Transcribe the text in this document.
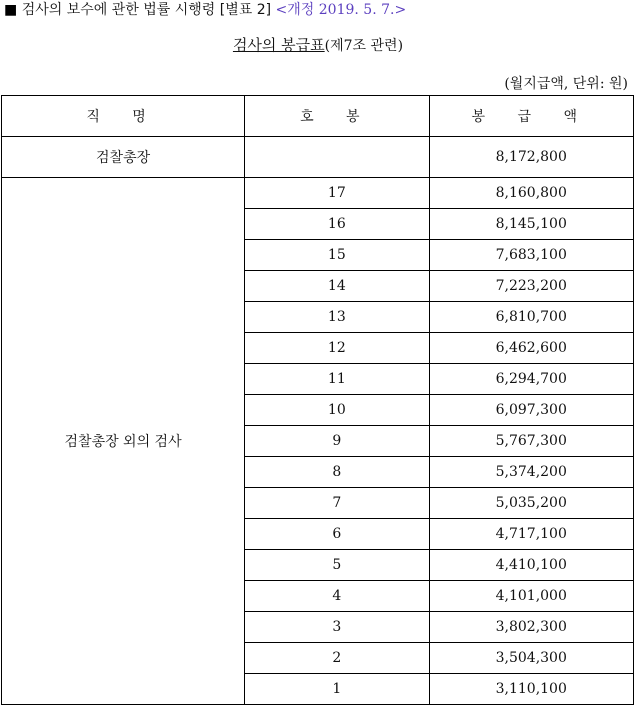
■ 검사의 보수에 관한 법률 시행령 [별표 2] <개정 2019. 5. 7.>
검사의 봉급표(제7조 관련)
(월지급액, 단위: 원)
직 명	호 봉	봉 급 액
검찰총장		8,172,800
검찰총장 외의 검사	17	8,160,800
	16	8,145,100
	15	7,683,100
	14	7,223,200
	13	6,810,700
	12	6,462,600
	11	6,294,700
	10	6,097,300
	9	5,767,300
	8	5,374,200
	7	5,035,200
	6	4,717,100
	5	4,410,100
	4	4,101,000
	3	3,802,300
	2	3,504,300
	1	3,110,100
